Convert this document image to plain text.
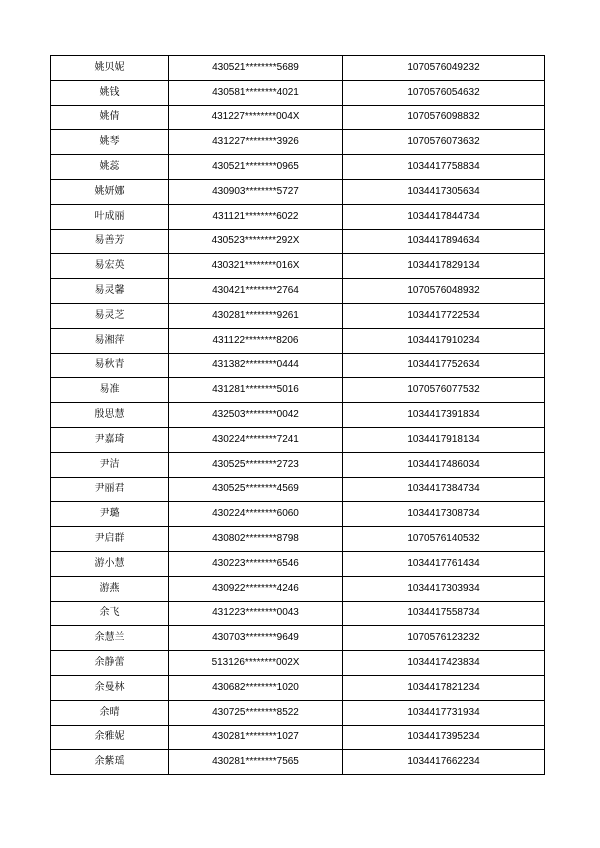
姚贝妮	430521********5689	1070576049232
姚钱	430581********4021	1070576054632
姚倩	431227********004X	1070576098832
姚琴	431227********3926	1070576073632
姚蕊	430521********0965	1034417758834
姚妍娜	430903********5727	1034417305634
叶成丽	431121********6022	1034417844734
易善芳	430523********292X	1034417894634
易宏英	430321********016X	1034417829134
易灵馨	430421********2764	1070576048932
易灵芝	430281********9261	1034417722534
易湘萍	431122********8206	1034417910234
易秋青	431382********0444	1034417752634
易准	431281********5016	1070576077532
殷思慧	432503********0042	1034417391834
尹嘉琦	430224********7241	1034417918134
尹洁	430525********2723	1034417486034
尹丽君	430525********4569	1034417384734
尹璐	430224********6060	1034417308734
尹启群	430802********8798	1070576140532
游小慧	430223********6546	1034417761434
游燕	430922********4246	1034417303934
余飞	431223********0043	1034417558734
余慧兰	430703********9649	1070576123232
余静蕾	513126********002X	1034417423834
余曼林	430682********1020	1034417821234
余晴	430725********8522	1034417731934
余雅妮	430281********1027	1034417395234
余紫瑶	430281********7565	1034417662234
